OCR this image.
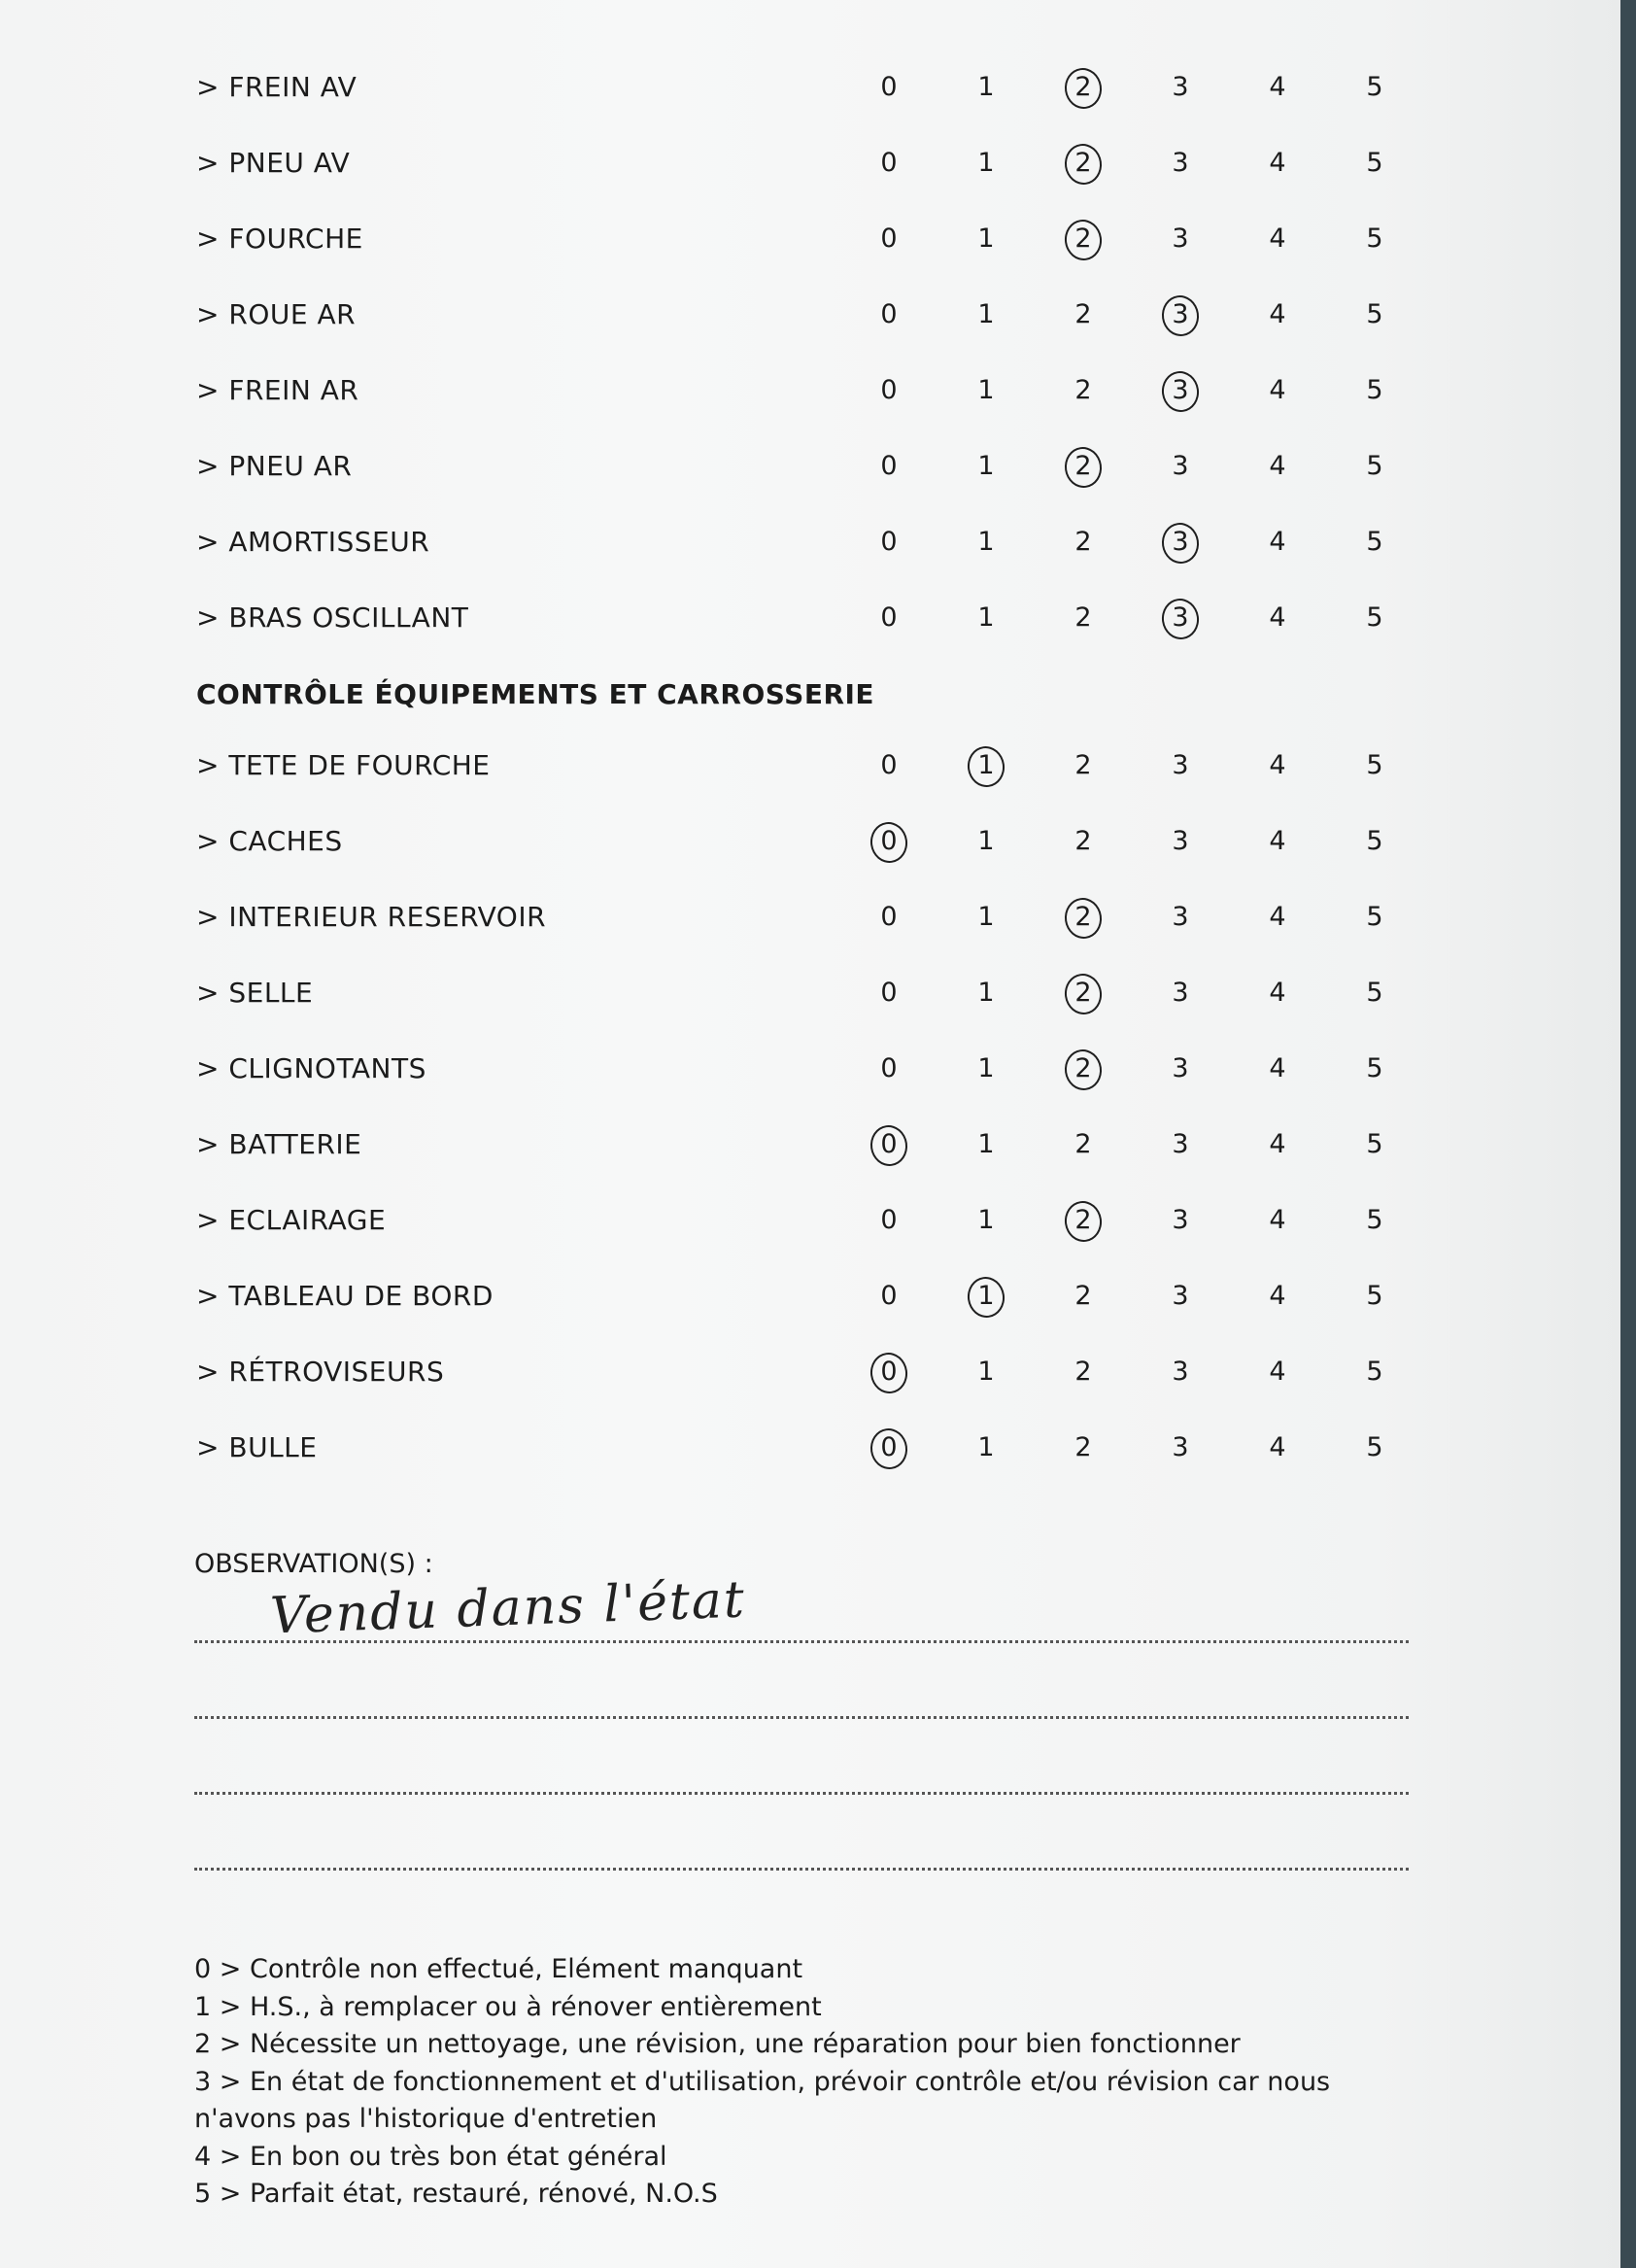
> FREIN AV	0	1	2	3	4	5
> PNEU AV	0	1	2	3	4	5
> FOURCHE	0	1	2	3	4	5
> ROUE AR	0	1	2	3	4	5
> FREIN AR	0	1	2	3	4	5
> PNEU AR	0	1	2	3	4	5
> AMORTISSEUR	0	1	2	3	4	5
> BRAS OSCILLANT	0	1	2	3	4	5
CONTRÔLE ÉQUIPEMENTS ET CARROSSERIE
> TETE DE FOURCHE	0	1	2	3	4	5
> CACHES	0	1	2	3	4	5
> INTERIEUR RESERVOIR	0	1	2	3	4	5
> SELLE	0	1	2	3	4	5
> CLIGNOTANTS	0	1	2	3	4	5
> BATTERIE	0	1	2	3	4	5
> ECLAIRAGE	0	1	2	3	4	5
> TABLEAU DE BORD	0	1	2	3	4	5
> RÉTROVISEURS	0	1	2	3	4	5
> BULLE	0	1	2	3	4	5
OBSERVATION(S) :
Vendu dans l'état

0 > Contrôle non effectué, Elément manquant

1 > H.S., à remplacer ou à rénover entièrement

2 > Nécessite un nettoyage, une révision, une réparation pour bien fonctionner

3 > En état de fonctionnement et d'utilisation, prévoir contrôle et/ou révision car nous n'avons pas l'historique d'entretien

4 > En bon ou très bon état général

5 > Parfait état, restauré, rénové, N.O.S
